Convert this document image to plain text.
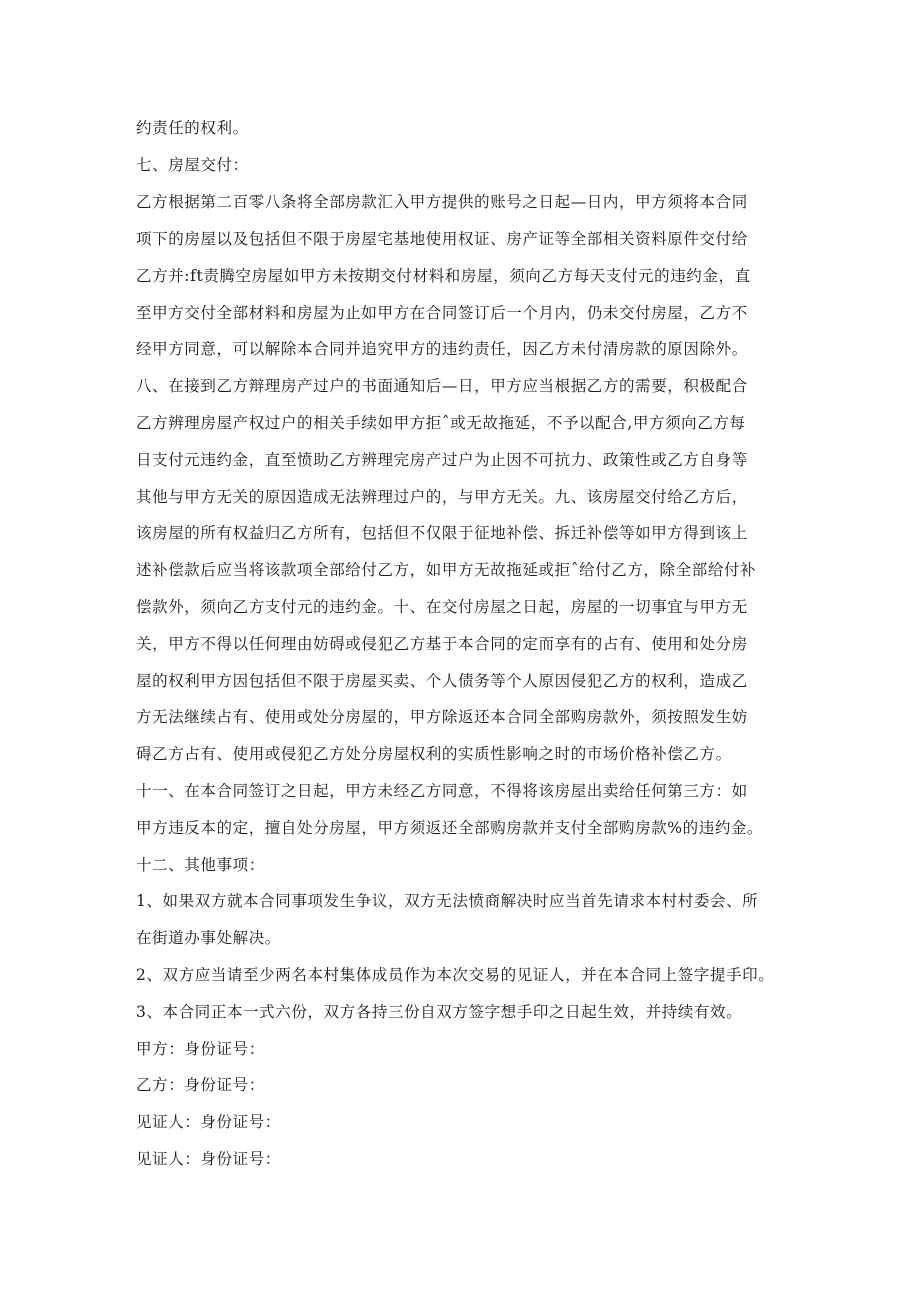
约责任的权利。
七、房屋交付：
乙方根据第二百零八条将全部房款汇入甲方提供的账号之日起—日内，甲方须将本合同
项下的房屋以及包括但不限于房屋宅基地使用权证、房产证等全部相关资料原件交付给
乙方并:ft责腾空房屋如甲方未按期交付材料和房屋，须向乙方每天支付元的违约金，直
至甲方交付全部材料和房屋为止如甲方在合同签订后一个月内，仍未交付房屋，乙方不
经甲方同意，可以解除本合同并追究甲方的违约责任，因乙方未付清房款的原因除外。
八、在接到乙方辩理房产过户的书面通知后—日，甲方应当根据乙方的需要，积极配合
乙方辨理房屋产权过户的相关手续如甲方拒ˆ或无故拖延，不予以配合,甲方须向乙方每
日支付元违约金，直至愤助乙方辨理完房产过户为止因不可抗力、政策性或乙方自身等
其他与甲方无关的原因造成无法辨理过户的，与甲方无关。九、该房屋交付给乙方后，
该房屋的所有权益归乙方所有，包括但不仅限于征地补偿、拆迁补偿等如甲方得到该上
述补偿款后应当将该款项全部给付乙方，如甲方无故拖延或拒ˆ给付乙方，除全部给付补
偿款外，须向乙方支付元的违约金。十、在交付房屋之日起，房屋的一切事宜与甲方无
关，甲方不得以任何理由妨碍或侵犯乙方基于本合同的定而享有的占有、使用和处分房
屋的权利甲方因包括但不限于房屋买卖、个人债务等个人原因侵犯乙方的权利，造成乙
方无法继续占有、使用或处分房屋的，甲方除返还本合同全部购房款外，须按照发生妨
碍乙方占有、使用或侵犯乙方处分房屋权利的实质性影响之时的市场价格补偿乙方。
十一、在本合同签订之日起，甲方未经乙方同意，不得将该房屋出卖给任何第三方：如
甲方违反本的定，擅自处分房屋，甲方须返还全部购房款并支付全部购房款%的违约金。
十二、其他事项：
1、如果双方就本合同事项发生争议，双方无法愤商解决时应当首先请求本村村委会、所
在街道办事处解决。
2、双方应当请至少两名本村集体成员作为本次交易的见证人，并在本合同上签字提手印。
3、本合同正本一式六份，双方各持三份自双方签字想手印之日起生效，并持续有效。
甲方：身份证号：
乙方：身份证号：
见证人：身份证号：
见证人：身份证号：
